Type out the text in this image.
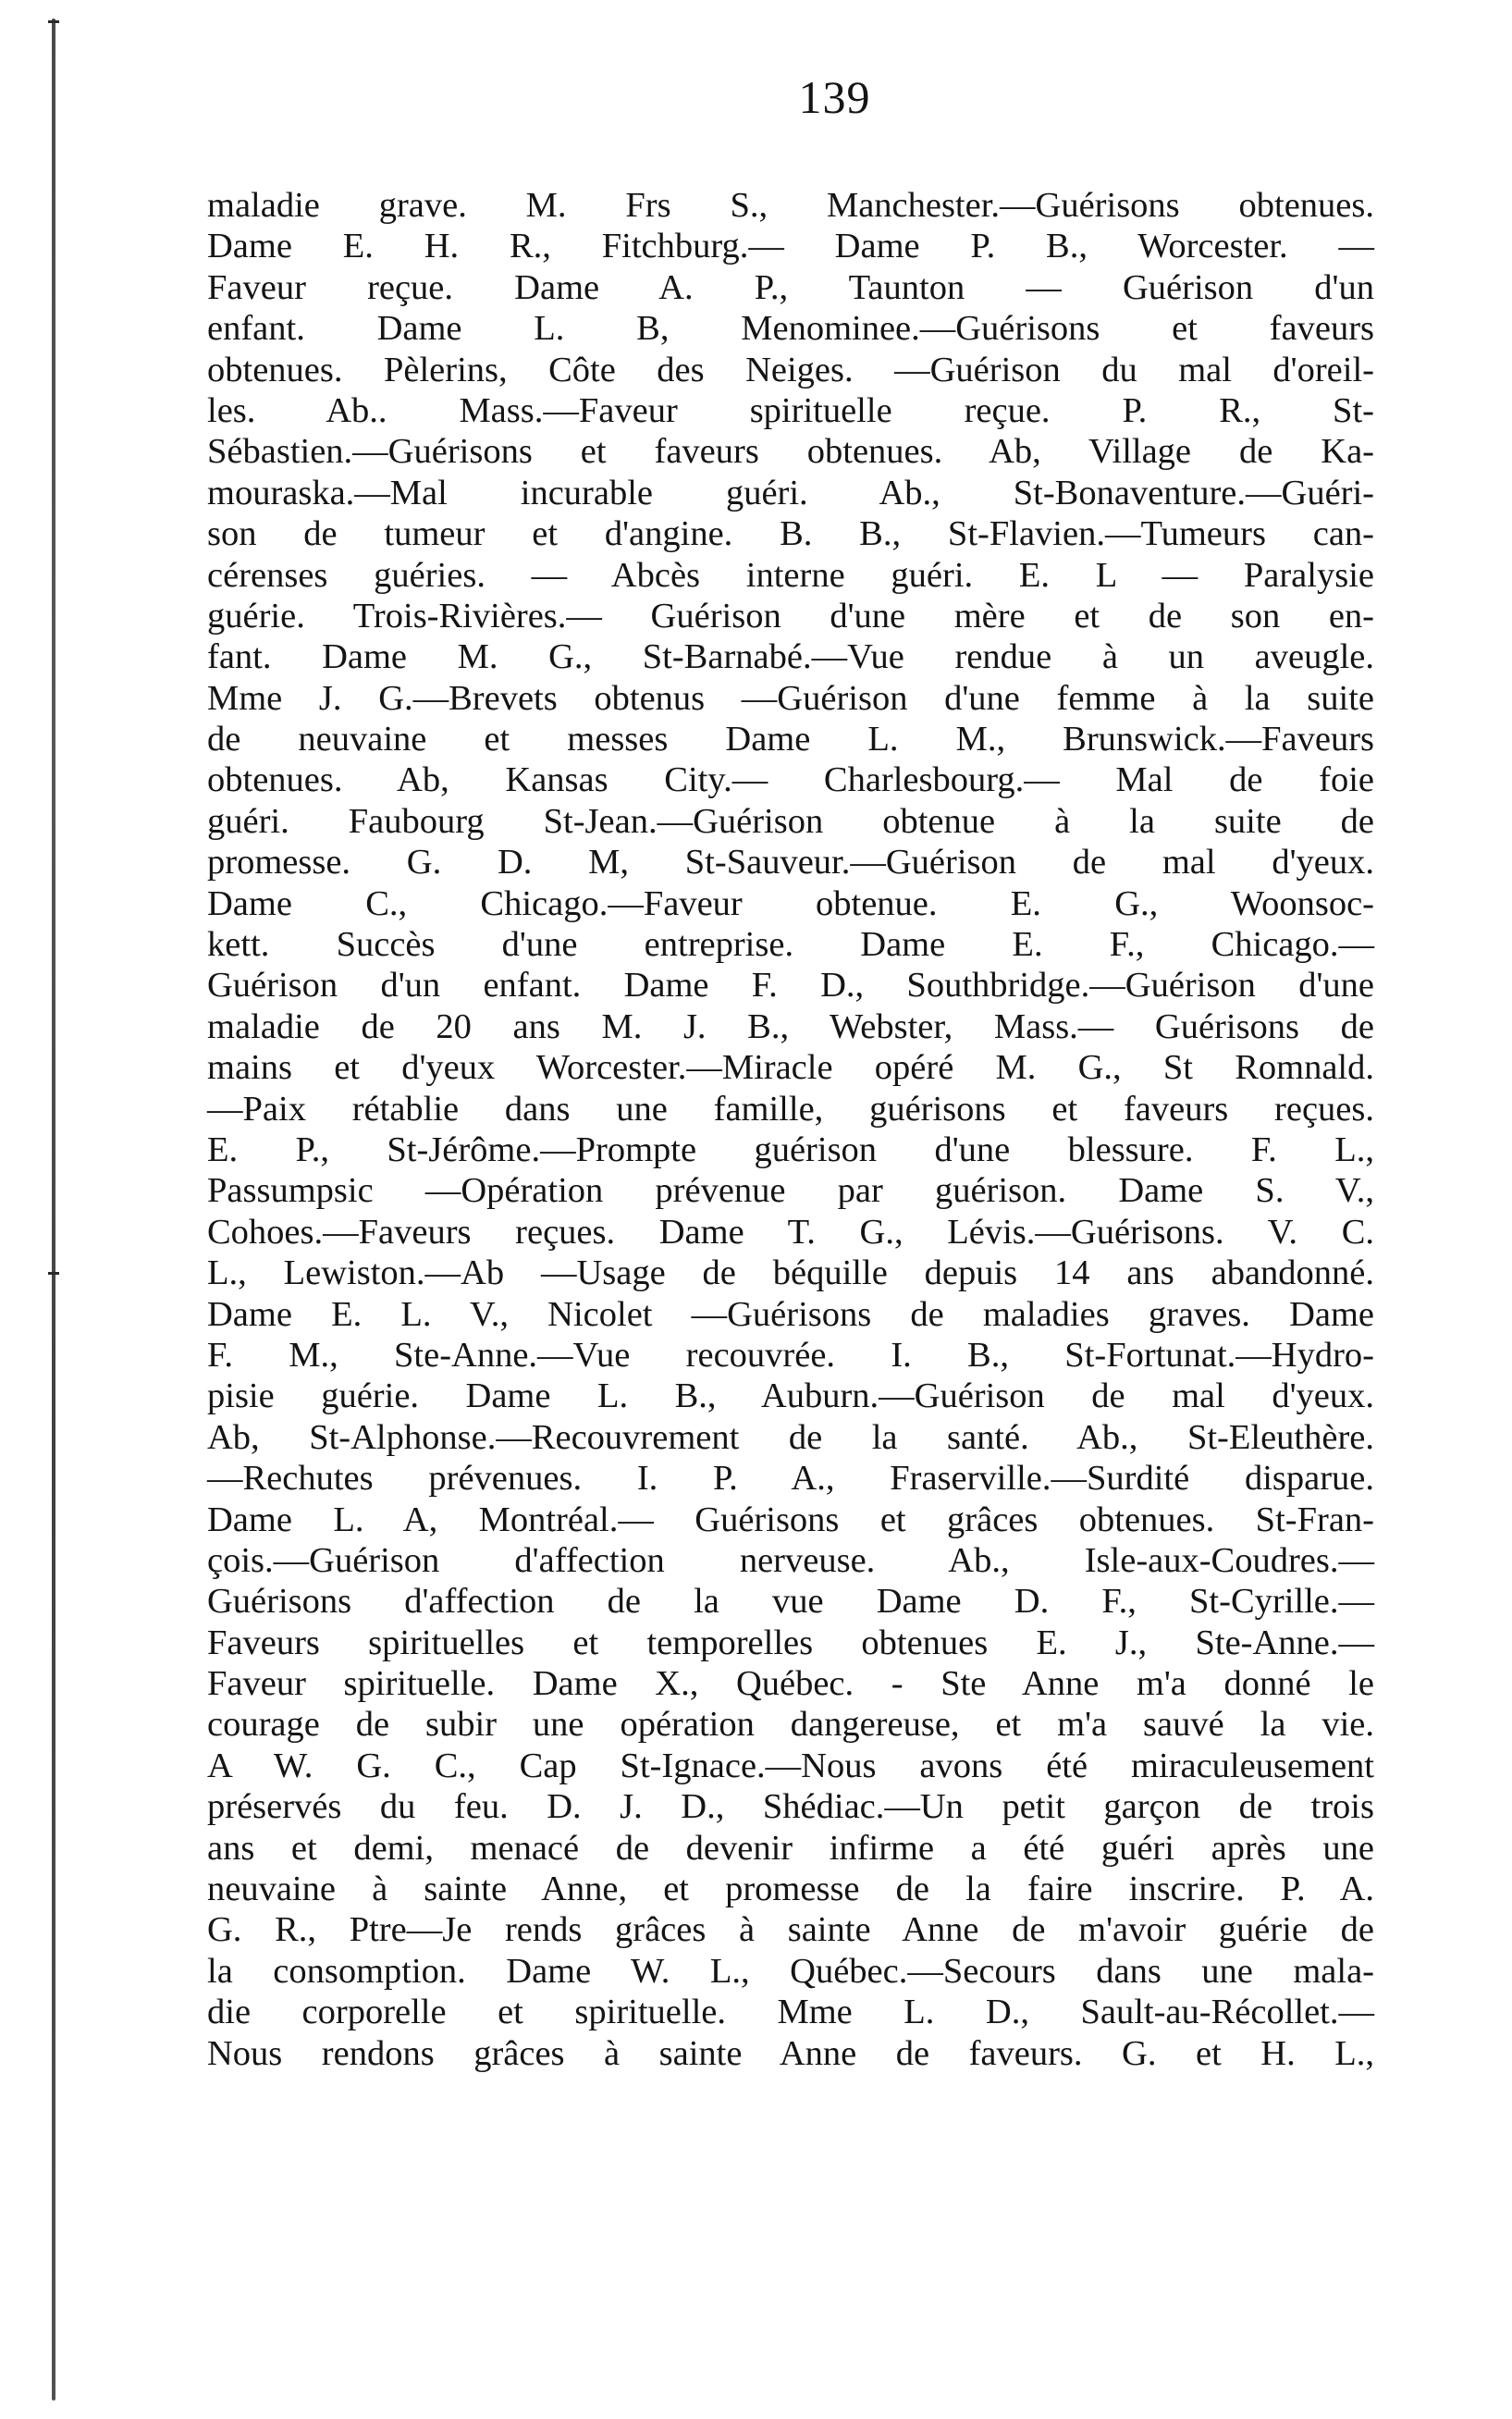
139
maladie grave. M. Frs S., Manchester.—Guérisons obtenues.
Dame E. H. R., Fitchburg.— Dame P. B., Worcester. —
Faveur reçue. Dame A. P., Taunton — Guérison d'un
enfant. Dame L. B, Menominee.—Guérisons et faveurs
obtenues. Pèlerins, Côte des Neiges. —Guérison du mal d'oreil-
les. Ab.. Mass.—Faveur spirituelle reçue. P. R., St-
Sébastien.—Guérisons et faveurs obtenues. Ab, Village de Ka-
mouraska.—Mal incurable guéri. Ab., St-Bonaventure.—Guéri-
son de tumeur et d'angine. B. B., St-Flavien.—Tumeurs can-
cérenses guéries. — Abcès interne guéri. E. L — Paralysie
guérie. Trois-Rivières.— Guérison d'une mère et de son en-
fant. Dame M. G., St-Barnabé.—Vue rendue à un aveugle.
Mme J. G.—Brevets obtenus —Guérison d'une femme à la suite
de neuvaine et messes Dame L. M., Brunswick.—Faveurs
obtenues. Ab, Kansas City.— Charlesbourg.— Mal de foie
guéri. Faubourg St-Jean.—Guérison obtenue à la suite de
promesse. G. D. M, St-Sauveur.—Guérison de mal d'yeux.
Dame C., Chicago.—Faveur obtenue. E. G., Woonsoc-
kett. Succès d'une entreprise. Dame E. F., Chicago.—
Guérison d'un enfant. Dame F. D., Southbridge.—Guérison d'une
maladie de 20 ans M. J. B., Webster, Mass.— Guérisons de
mains et d'yeux Worcester.—Miracle opéré M. G., St Romnald.
—Paix rétablie dans une famille, guérisons et faveurs reçues.
E. P., St-Jérôme.—Prompte guérison d'une blessure. F. L.,
Passumpsic —Opération prévenue par guérison. Dame S. V.,
Cohoes.—Faveurs reçues. Dame T. G., Lévis.—Guérisons. V. C.
L., Lewiston.—Ab —Usage de béquille depuis 14 ans abandonné.
Dame E. L. V., Nicolet —Guérisons de maladies graves. Dame
F. M., Ste-Anne.—Vue recouvrée. I. B., St-Fortunat.—Hydro-
pisie guérie. Dame L. B., Auburn.—Guérison de mal d'yeux.
Ab, St-Alphonse.—Recouvrement de la santé. Ab., St-Eleuthère.
—Rechutes prévenues. I. P. A., Fraserville.—Surdité disparue.
Dame L. A, Montréal.— Guérisons et grâces obtenues. St-Fran-
çois.—Guérison d'affection nerveuse. Ab., Isle-aux-Coudres.—
Guérisons d'affection de la vue Dame D. F., St-Cyrille.—
Faveurs spirituelles et temporelles obtenues E. J., Ste-Anne.—
Faveur spirituelle. Dame X., Québec. - Ste Anne m'a donné le
courage de subir une opération dangereuse, et m'a sauvé la vie.
A W. G. C., Cap St-Ignace.—Nous avons été miraculeusement
préservés du feu. D. J. D., Shédiac.—Un petit garçon de trois
ans et demi, menacé de devenir infirme a été guéri après une
neuvaine à sainte Anne, et promesse de la faire inscrire. P. A.
G. R., Ptre—Je rends grâces à sainte Anne de m'avoir guérie de
la consomption. Dame W. L., Québec.—Secours dans une mala-
die corporelle et spirituelle. Mme L. D., Sault-au-Récollet.—
Nous rendons grâces à sainte Anne de faveurs. G. et H. L.,
